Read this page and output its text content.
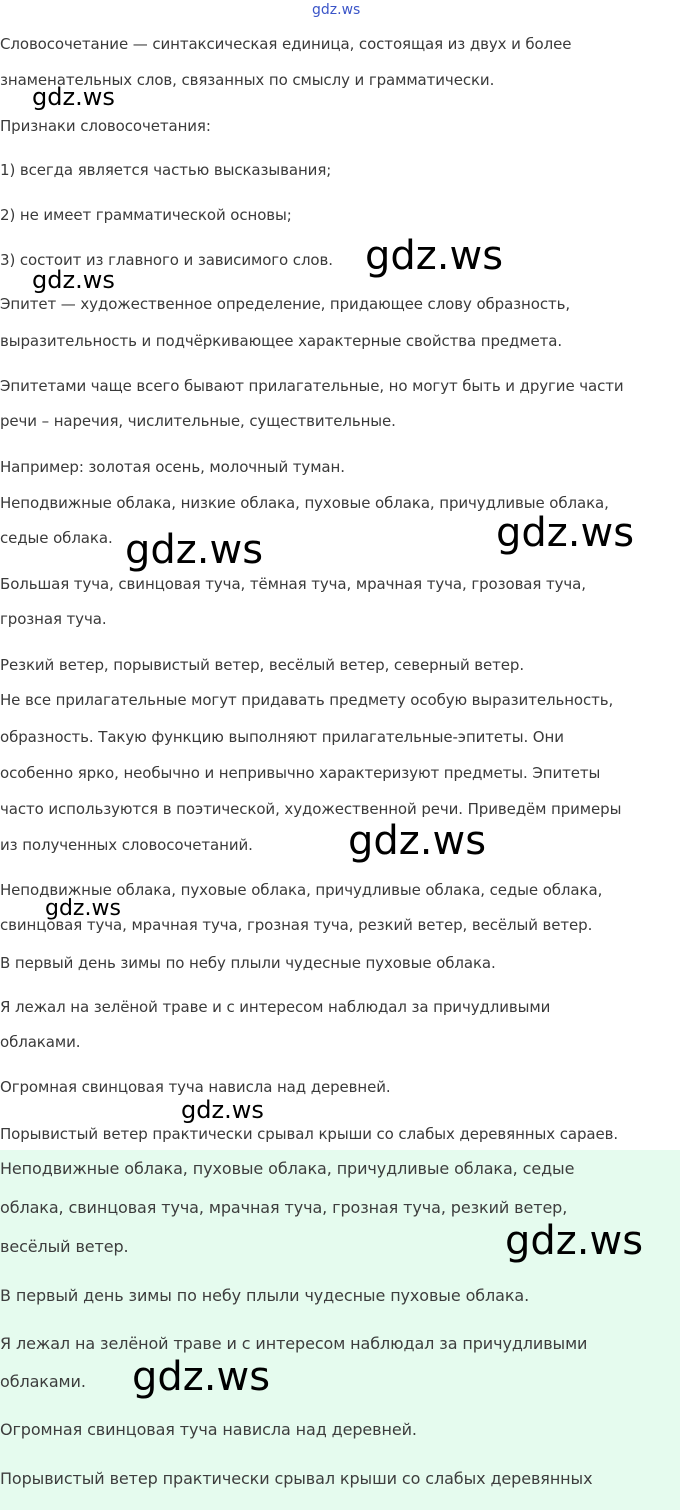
Словосочетание — синтаксическая единица, состоящая из двух и более
знаменательных слов, связанных по смыслу и грамматически.
Признаки словосочетания:
1) всегда является частью высказывания;
2) не имеет грамматической основы;
3) состоит из главного и зависимого слов.
Эпитет — художественное определение, придающее слову образность,
выразительность и подчёркивающее характерные свойства предмета.
Эпитетами чаще всего бывают прилагательные, но могут быть и другие части
речи – наречия, числительные, существительные.
Например: золотая осень, молочный туман.
Неподвижные облака, низкие облака, пуховые облака, причудливые облака,
седые облака.
Большая туча, свинцовая туча, тёмная туча, мрачная туча, грозовая туча,
грозная туча.
Резкий ветер, порывистый ветер, весёлый ветер, северный ветер.
Не все прилагательные могут придавать предмету особую выразительность,
образность. Такую функцию выполняют прилагательные-эпитеты. Они
особенно ярко, необычно и непривычно характеризуют предметы. Эпитеты
часто используются в поэтической, художественной речи. Приведём примеры
из полученных словосочетаний.
Неподвижные облака, пуховые облака, причудливые облака, седые облака,
свинцовая туча, мрачная туча, грозная туча, резкий ветер, весёлый ветер.
В первый день зимы по небу плыли чудесные пуховые облака.
Я лежал на зелёной траве и с интересом наблюдал за причудливыми
облаками.
Огромная свинцовая туча нависла над деревней.
Порывистый ветер практически срывал крыши со слабых деревянных сараев.
Неподвижные облака, пуховые облака, причудливые облака, седые
облака, свинцовая туча, мрачная туча, грозная туча, резкий ветер,
весёлый ветер.
В первый день зимы по небу плыли чудесные пуховые облака.
Я лежал на зелёной траве и с интересом наблюдал за причудливыми
облаками.
Огромная свинцовая туча нависла над деревней.
Порывистый ветер практически срывал крыши со слабых деревянных
gdz.ws
gdz.ws
gdz.ws
gdz.ws
gdz.ws
gdz.ws
gdz.ws
gdz.ws
gdz.ws
gdz.ws
gdz.ws
